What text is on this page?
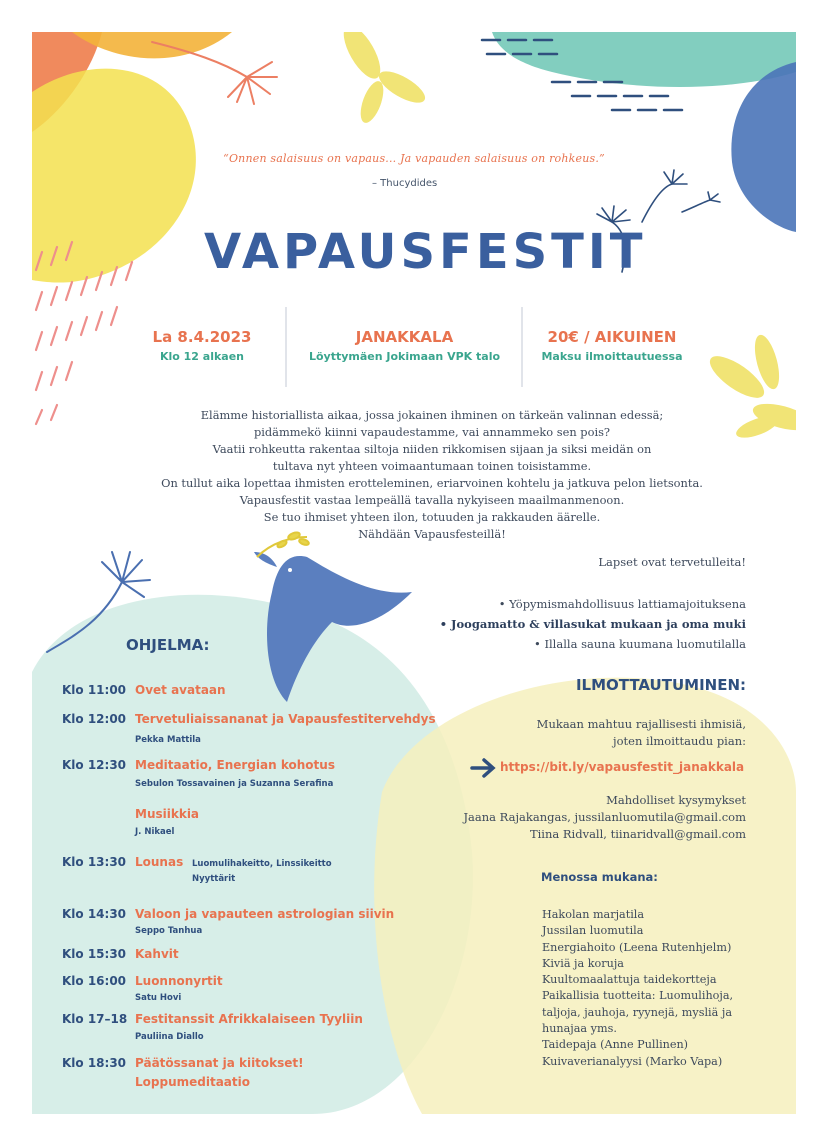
“Onnen salaisuus on vapaus... Ja vapauden salaisuus on rohkeus.”
– Thucydides
VAPAUSFESTIT
La 8.4.2023
Klo 12 alkaen
JANAKKALA
Löyttymäen Jokimaan VPK talo
20€ / AIKUINEN
Maksu ilmoittautuessa
Elämme historiallista aikaa, jossa jokainen ihminen on tärkeän valinnan edessä;
pidämmekö kiinni vapaudestamme, vai annammeko sen pois?
Vaatii rohkeutta rakentaa siltoja niiden rikkomisen sijaan ja siksi meidän on
tultava nyt yhteen voimaantumaan toinen toisistamme.
On tullut aika lopettaa ihmisten erotteleminen, eriarvoinen kohtelu ja jatkuva pelon lietsonta.
Vapausfestit vastaa lempeällä tavalla nykyiseen maailmanmenoon.
Se tuo ihmiset yhteen ilon, totuuden ja rakkauden äärelle.
Nähdään Vapausfesteillä!
Lapset ovat tervetulleita!
• Yöpymismahdollisuus lattiamajoituksena
• Joogamatto & villasukat mukaan ja oma muki
• Illalla sauna kuumana luomutilalla
OHJELMA:
Klo 11:00 Ovet avataan
Klo 12:00 Tervetuliaissananat ja Vapausfestitervehdys
Pekka Mattila
Klo 12:30 Meditaatio, Energian kohotus
Sebulon Tossavainen ja Suzanna Serafina
Musiikkia
J. Nikael
Klo 13:30 Lounas Luomulihakeitto, Linssikeitto
Nyyttärit
Klo 14:30 Valoon ja vapauteen astrologian siivin
Seppo Tanhua
Klo 15:30 Kahvit
Klo 16:00 Luonnonyrtit
Satu Hovi
Klo 17–18 Festitanssit Afrikkalaiseen Tyyliin
Pauliina Diallo
Klo 18:30 Päätössanat ja kiitokset!
Loppumeditaatio
ILMOTTAUTUMINEN:
Mukaan mahtuu rajallisesti ihmisiä,
joten ilmoittaudu pian:
https://bit.ly/vapausfestit_janakkala
Mahdolliset kysymykset
Jaana Rajakangas, jussilanluomutila@gmail.com
Tiina Ridvall, tiinaridvall@gmail.com
Menossa mukana:
Hakolan marjatila
Jussilan luomutila
Energiahoito (Leena Rutenhjelm)
Kiviä ja koruja
Kuultomaalattuja taidekortteja
Paikallisia tuotteita: Luomulihoja,
taljoja, jauhoja, ryynejä, mysliä ja
hunajaa yms.
Taidepaja (Anne Pullinen)
Kuivaverianalyysi (Marko Vapa)
